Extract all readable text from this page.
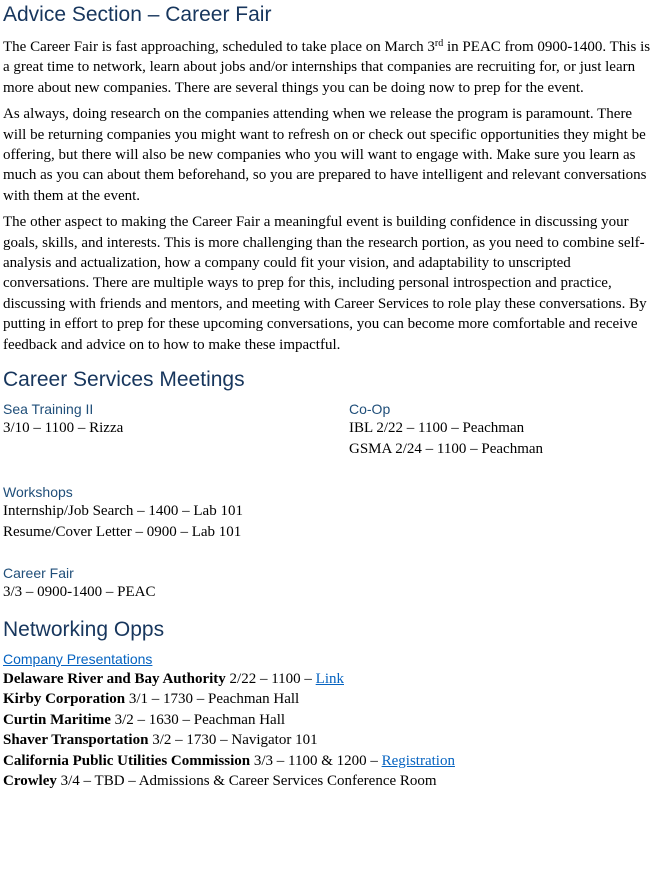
Advice Section – Career Fair

The Career Fair is fast approaching, scheduled to take place on March 3rd in PEAC from 0900-1400. This is a great time to network, learn about jobs and/or internships that companies are recruiting for, or just learn more about new companies. There are several things you can be doing now to prep for the event.

As always, doing research on the companies attending when we release the program is paramount. There will be returning companies you might want to refresh on or check out specific opportunities they might be offering, but there will also be new companies who you will want to engage with. Make sure you learn as much as you can about them beforehand, so you are prepared to have intelligent and relevant conversations with them at the event.

The other aspect to making the Career Fair a meaningful event is building confidence in discussing your goals, skills, and interests. This is more challenging than the research portion, as you need to combine self-analysis and actualization, how a company could fit your vision, and adaptability to unscripted conversations. There are multiple ways to prep for this, including personal introspection and practice, discussing with friends and mentors, and meeting with Career Services to role play these conversations. By putting in effort to prep for these upcoming conversations, you can become more comfortable and receive feedback and advice on to how to make these impactful.

Career Services Meetings
Sea Training II
3/10 – 1100 – Rizza
Co-Op
IBL 2/22 – 1100 – Peachman
GSMA 2/24 – 1100 – Peachman
Workshops
Internship/Job Search – 1400 – Lab 101
Resume/Cover Letter – 0900 – Lab 101
Career Fair
3/3 – 0900-1400 – PEAC
Networking Opps
Company Presentations
Delaware River and Bay Authority 2/22 – 1100 – Link
Kirby Corporation 3/1 – 1730 – Peachman Hall
Curtin Maritime 3/2 – 1630 – Peachman Hall
Shaver Transportation 3/2 – 1730 – Navigator 101
California Public Utilities Commission 3/3 – 1100 & 1200 – Registration
Crowley 3/4 – TBD – Admissions & Career Services Conference Room
